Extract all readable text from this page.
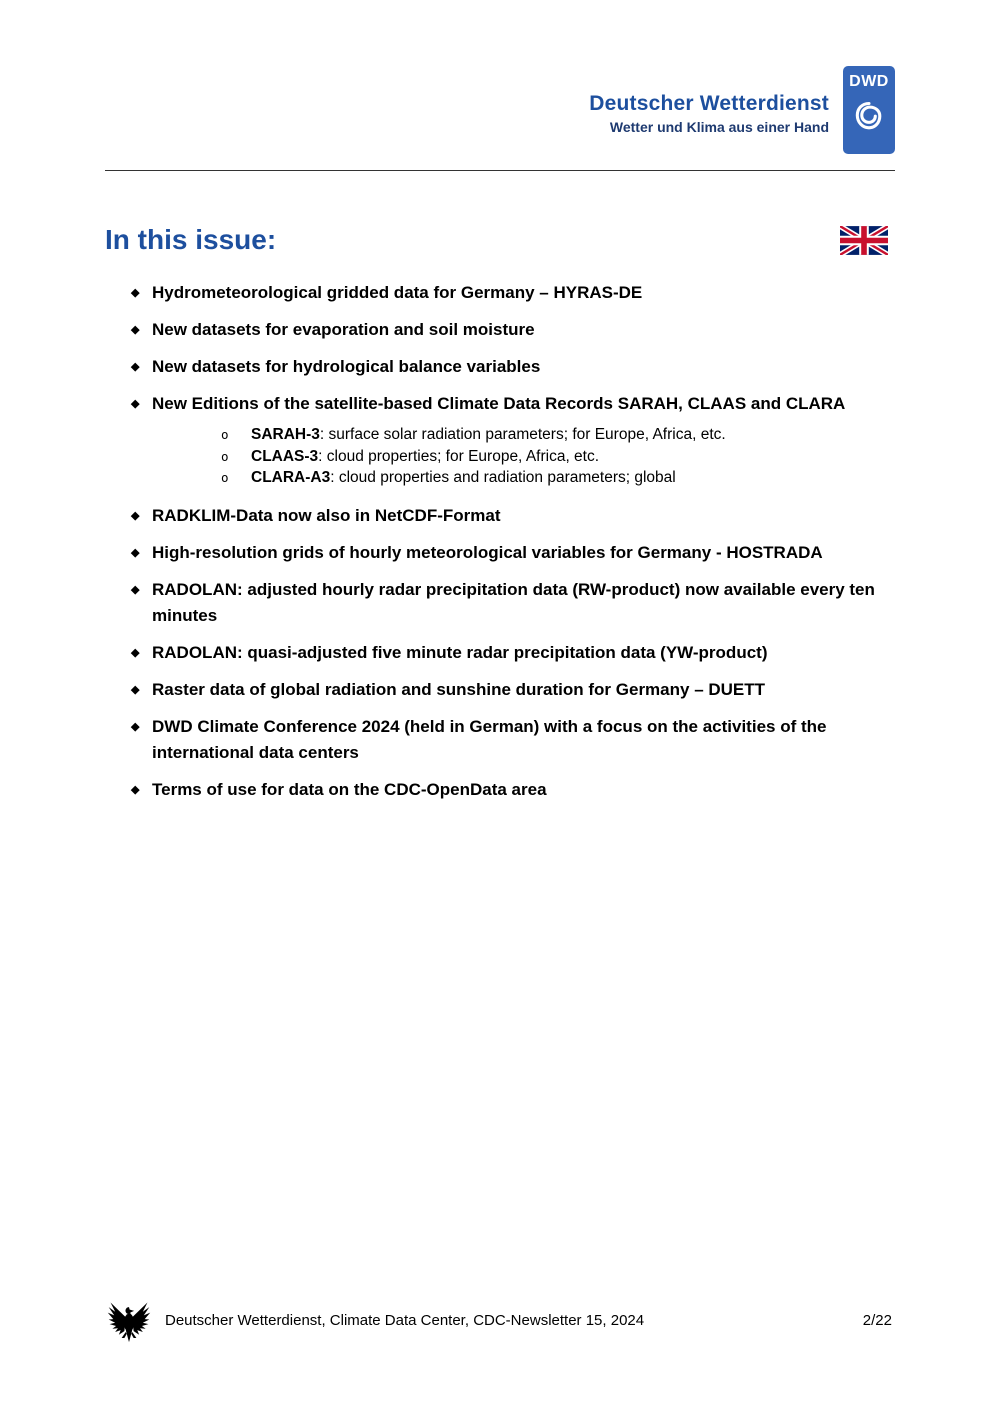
Deutscher Wetterdienst
Wetter und Klima aus einer Hand
DWD
In this issue:
◆ Hydrometeorological gridded data for Germany – HYRAS-DE
◆ New datasets for evaporation and soil moisture
◆ New datasets for hydrological balance variables
◆ New Editions of the satellite-based Climate Data Records SARAH, CLAAS and CLARA
o	SARAH-3: surface solar radiation parameters; for Europe, Africa, etc.
o	CLAAS-3: cloud properties; for Europe, Africa, etc.
o	CLARA-A3: cloud properties and radiation parameters; global
◆ RADKLIM-Data now also in NetCDF-Format
◆ High-resolution grids of hourly meteorological variables for Germany - HOSTRADA
◆ RADOLAN: adjusted hourly radar precipitation data (RW-product) now available every ten minutes
◆ RADOLAN: quasi-adjusted five minute radar precipitation data (YW-product)
◆ Raster data of global radiation and sunshine duration for Germany – DUETT
◆ DWD Climate Conference 2024 (held in German) with a focus on the activities of the international data centers
◆ Terms of use for data on the CDC-OpenData area
Deutscher Wetterdienst, Climate Data Center, CDC-Newsletter 15, 2024	2/22
